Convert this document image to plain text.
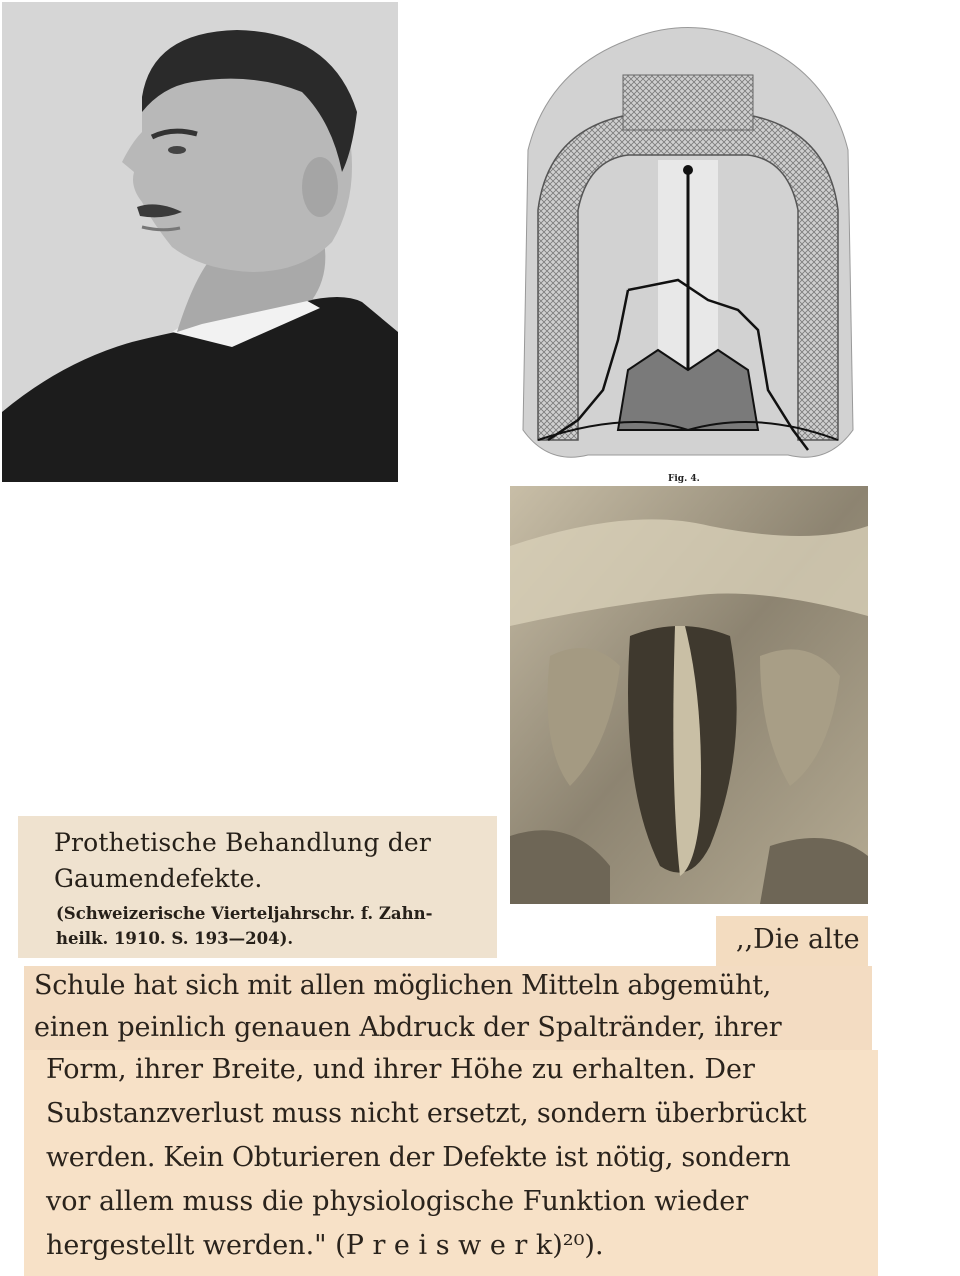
Fig. 4.
Prothetische Behandlung der
Gaumendefekte.
(Schweizerische Vierteljahrschr. f. Zahn-
heilk. 1910. S. 193—204).	,,Die alte
Schule hat sich mit allen möglichen Mitteln abgemüht,
einen peinlich genauen Abdruck der Spaltränder, ihrer
Form, ihrer Breite, und ihrer Höhe zu erhalten. Der
Substanzverlust muss nicht ersetzt, sondern überbrückt
werden. Kein Obturieren der Defekte ist nötig, sondern
vor allem muss die physiologische Funktion wieder
hergestellt werden." (P r e i s w e r k)²⁰).
